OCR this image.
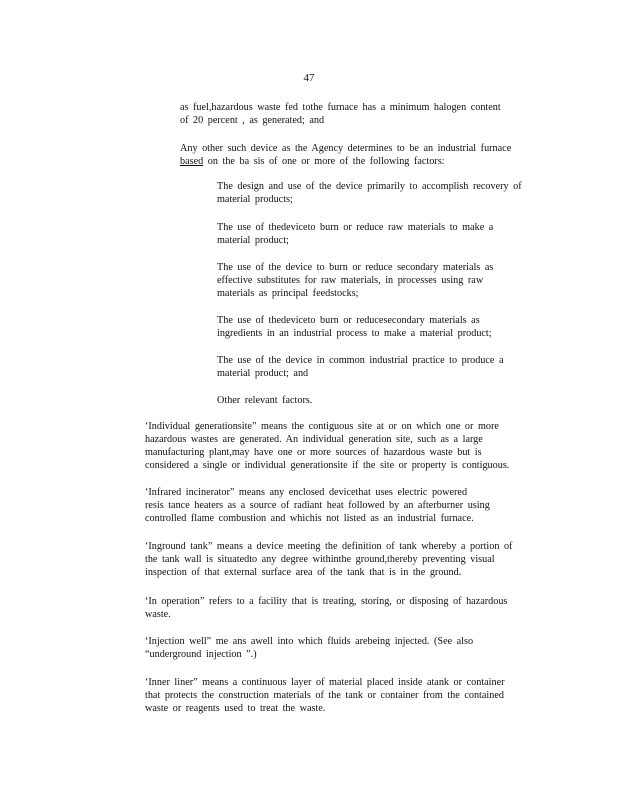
47
as fuel,hazardous waste fed tothe furnace has a minimum halogen content
of 20 percent , as generated; and
Any other such device as the Agency determines to be an industrial furnace
based on the ba sis of one or more of the following factors:
The design and use of the device primarily to accomplish recovery of
material products;
The use of thedeviceto burn or reduce raw materials to make a
material product;
The use of the device to burn or reduce secondary materials as
effective substitutes for raw materials, in processes using raw
materials as principal feedstocks;
The use of thedeviceto burn or reducesecondary materials as
ingredients in an industrial process to make a material product;
The use of the device in common industrial practice to produce a
material product; and
Other relevant factors.
‘Individual generationsite” means the contiguous site at or on which one or more
hazardous wastes are generated. An individual generation site, such as a large
manufacturing plant,may have one or more sources of hazardous waste but is
considered a single or individual generationsite if the site or property is contiguous.
‘Infrared incinerator” means any enclosed devicethat uses electric powered
resis tance heaters as a source of radiant heat followed by an afterburner using
controlled flame combustion and whichis not listed as an industrial furnace.
‘Inground tank” means a device meeting the definition of tank whereby a portion of
the tank wall is situatedto any degree withinthe ground,thereby preventing visual
inspection of that external surface area of the tank that is in the ground.
‘In operation” refers to a facility that is treating, storing, or disposing of hazardous
waste.
‘Injection well” me ans awell into which fluids arebeing injected. (See also
“underground injection ”.)
‘Inner liner” means a continuous layer of material placed inside atank or container
that protects the construction materials of the tank or container from the contained
waste or reagents used to treat the waste.
